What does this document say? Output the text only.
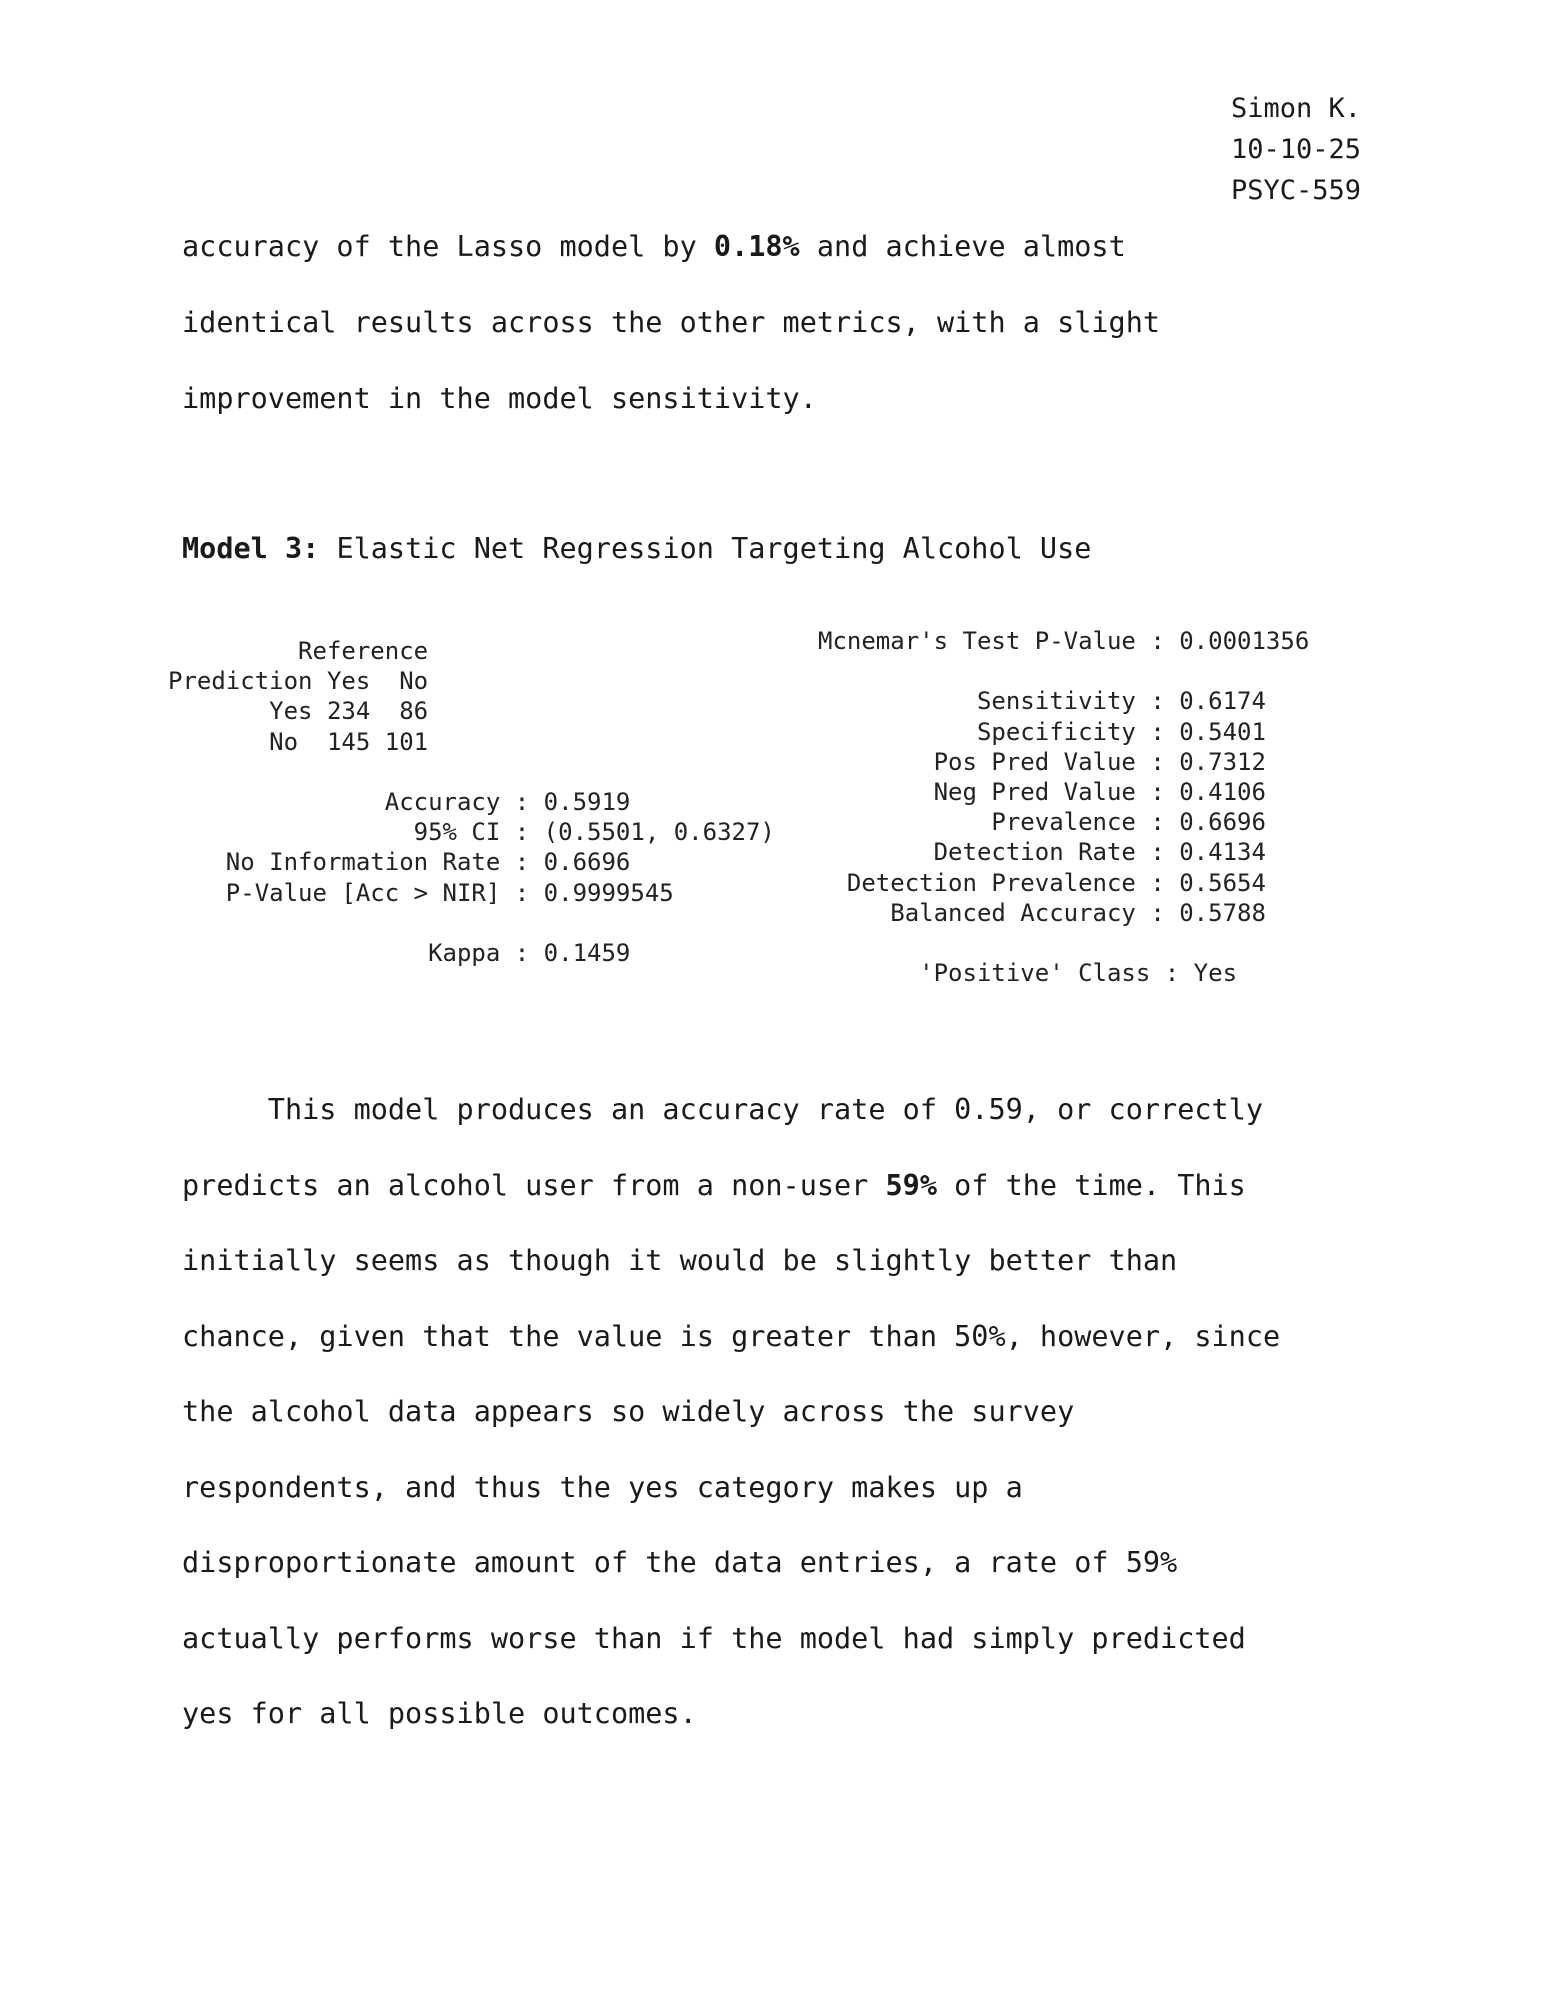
Simon K.
10-10-25
PSYC-559
accuracy of the Lasso model by 0.18% and achieve almost
identical results across the other metrics, with a slight
improvement in the model sensitivity.
Model 3: Elastic Net Regression Targeting Alcohol Use
Reference
Prediction Yes  No
Yes 234  86
No  145 101

Accuracy : 0.5919
95% CI : (0.5501, 0.6327)
No Information Rate : 0.6696
P-Value [Acc > NIR] : 0.9999545

Kappa : 0.1459
Mcnemar's Test P-Value : 0.0001356

Sensitivity : 0.6174
Specificity : 0.5401
Pos Pred Value : 0.7312
Neg Pred Value : 0.4106
Prevalence : 0.6696
Detection Rate : 0.4134
Detection Prevalence : 0.5654
Balanced Accuracy : 0.5788

'Positive' Class : Yes
This model produces an accuracy rate of 0.59, or correctly
predicts an alcohol user from a non-user 59% of the time. This
initially seems as though it would be slightly better than
chance, given that the value is greater than 50%, however, since
the alcohol data appears so widely across the survey
respondents, and thus the yes category makes up a
disproportionate amount of the data entries, a rate of 59%
actually performs worse than if the model had simply predicted
yes for all possible outcomes.
